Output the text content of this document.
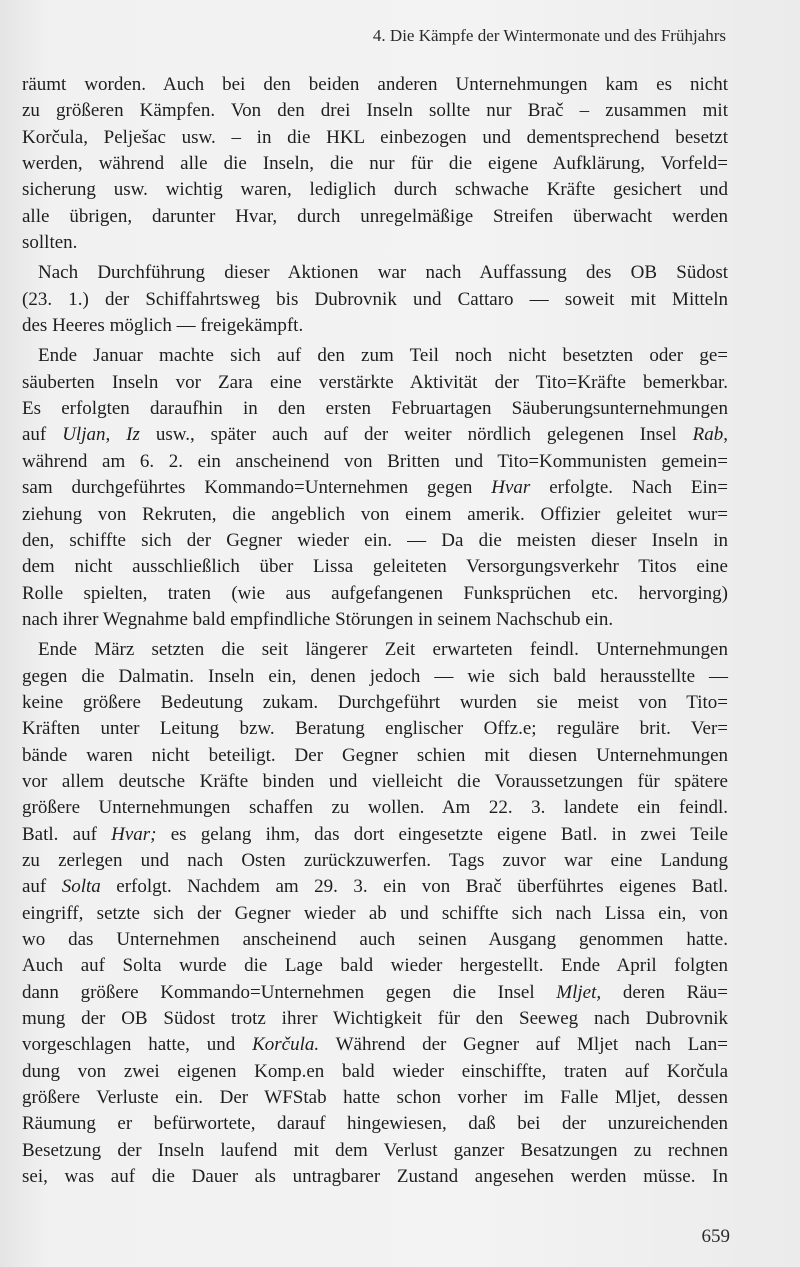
4. Die Kämpfe der Wintermonate und des Frühjahrs
räumt worden. Auch bei den beiden anderen Unternehmungen kam es nicht
zu größeren Kämpfen. Von den drei Inseln sollte nur Brač – zusammen mit
Korčula, Pelješac usw. – in die HKL einbezogen und dementsprechend besetzt
werden, während alle die Inseln, die nur für die eigene Aufklärung, Vorfeld=
sicherung usw. wichtig waren, lediglich durch schwache Kräfte gesichert und
alle übrigen, darunter Hvar, durch unregelmäßige Streifen überwacht werden
sollten.
Nach Durchführung dieser Aktionen war nach Auffassung des OB Südost
(23. 1.) der Schiffahrtsweg bis Dubrovnik und Cattaro — soweit mit Mitteln
des Heeres möglich — freigekämpft.
Ende Januar machte sich auf den zum Teil noch nicht besetzten oder ge=
säuberten Inseln vor Zara eine verstärkte Aktivität der Tito=Kräfte bemerkbar.
Es erfolgten daraufhin in den ersten Februartagen Säuberungsunternehmungen
auf Uljan, Iz usw., später auch auf der weiter nördlich gelegenen Insel Rab,
während am 6. 2. ein anscheinend von Britten und Tito=Kommunisten gemein=
sam durchgeführtes Kommando=Unternehmen gegen Hvar erfolgte. Nach Ein=
ziehung von Rekruten, die angeblich von einem amerik. Offizier geleitet wur=
den, schiffte sich der Gegner wieder ein. — Da die meisten dieser Inseln in
dem nicht ausschließlich über Lissa geleiteten Versorgungsverkehr Titos eine
Rolle spielten, traten (wie aus aufgefangenen Funksprüchen etc. hervorging)
nach ihrer Wegnahme bald empfindliche Störungen in seinem Nachschub ein.
Ende März setzten die seit längerer Zeit erwarteten feindl. Unternehmungen
gegen die Dalmatin. Inseln ein, denen jedoch — wie sich bald herausstellte —
keine größere Bedeutung zukam. Durchgeführt wurden sie meist von Tito=
Kräften unter Leitung bzw. Beratung englischer Offz.e; reguläre brit. Ver=
bände waren nicht beteiligt. Der Gegner schien mit diesen Unternehmungen
vor allem deutsche Kräfte binden und vielleicht die Voraussetzungen für spätere
größere Unternehmungen schaffen zu wollen. Am 22. 3. landete ein feindl.
Batl. auf Hvar; es gelang ihm, das dort eingesetzte eigene Batl. in zwei Teile
zu zerlegen und nach Osten zurückzuwerfen. Tags zuvor war eine Landung
auf Solta erfolgt. Nachdem am 29. 3. ein von Brač überführtes eigenes Batl.
eingriff, setzte sich der Gegner wieder ab und schiffte sich nach Lissa ein, von
wo das Unternehmen anscheinend auch seinen Ausgang genommen hatte.
Auch auf Solta wurde die Lage bald wieder hergestellt. Ende April folgten
dann größere Kommando=Unternehmen gegen die Insel Mljet, deren Räu=
mung der OB Südost trotz ihrer Wichtigkeit für den Seeweg nach Dubrovnik
vorgeschlagen hatte, und Korčula. Während der Gegner auf Mljet nach Lan=
dung von zwei eigenen Komp.en bald wieder einschiffte, traten auf Korčula
größere Verluste ein. Der WFStab hatte schon vorher im Falle Mljet, dessen
Räumung er befürwortete, darauf hingewiesen, daß bei der unzureichenden
Besetzung der Inseln laufend mit dem Verlust ganzer Besatzungen zu rechnen
sei, was auf die Dauer als untragbarer Zustand angesehen werden müsse. In
659
